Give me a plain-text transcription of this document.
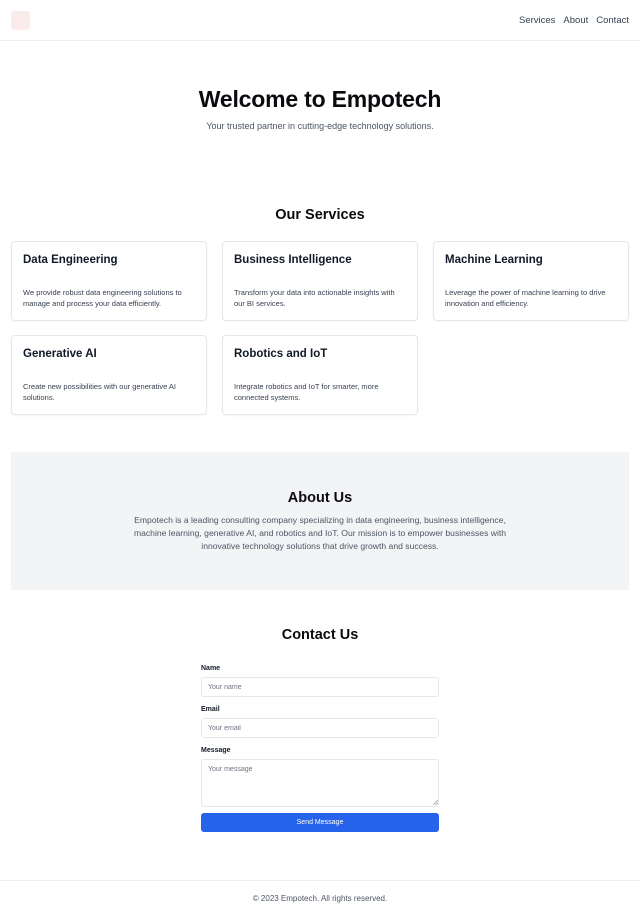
Services About Contact
Welcome to Empotech

Your trusted partner in cutting-edge technology solutions.

Our Services
Data Engineering

We provide robust data engineering solutions to manage and process your data efficiently.

Business Intelligence

Transform your data into actionable insights with our BI services.

Machine Learning

Leverage the power of machine learning to drive innovation and efficiency.

Generative AI

Create new possibilities with our generative AI solutions.

Robotics and IoT

Integrate robotics and IoT for smarter, more connected systems.

About Us

Empotech is a leading consulting company specializing in data engineering, business intelligence, machine learning, generative AI, and robotics and IoT. Our mission is to empower businesses with innovative technology solutions that drive growth and success.

Contact Us
Name
Your name
Email
Your email
Message
Your message
Send Message

© 2023 Empotech. All rights reserved.
